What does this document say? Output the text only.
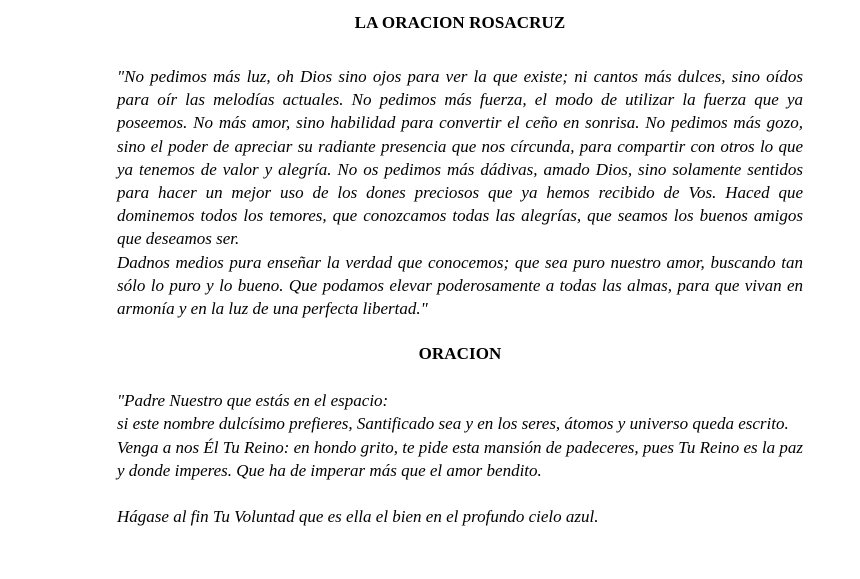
LA ORACION ROSACRUZ

"No pedimos más luz, oh Dios sino ojos para ver la que existe; ni cantos más dulces, sino oídos para oír las melodías actuales. No pedimos más fuerza, el modo de utilizar la fuerza que ya poseemos. No más amor, sino habilidad para convertir el ceño en sonrisa. No pedimos más gozo, sino el poder de apreciar su radiante presencia que nos círcunda, para compartir con otros lo que ya tenemos de valor y alegría. No os pedimos más dádivas, amado Dios, sino solamente sentidos para hacer un mejor uso de los dones preciosos que ya hemos recibido de Vos. Haced que dominemos todos los temores, que conozcamos todas las alegrías, que seamos los buenos amigos que deseamos ser.

Dadnos medios pura enseñar la verdad que conocemos; que sea puro nuestro amor, buscando tan sólo lo puro y lo bueno. Que podamos elevar poderosamente a todas las almas, para que vivan en armonía y en la luz de una perfecta libertad."

ORACION

"Padre Nuestro que estás en el espacio:

si este nombre dulcísimo prefieres, Santificado sea y en los seres, átomos y universo queda escrito.

Venga a nos Él Tu Reino: en hondo grito, te pide esta mansión de padeceres, pues Tu Reino es la paz y donde imperes. Que ha de imperar más que el amor bendito.

Hágase al fin Tu Voluntad que es ella el bien en el profundo cielo azul.
